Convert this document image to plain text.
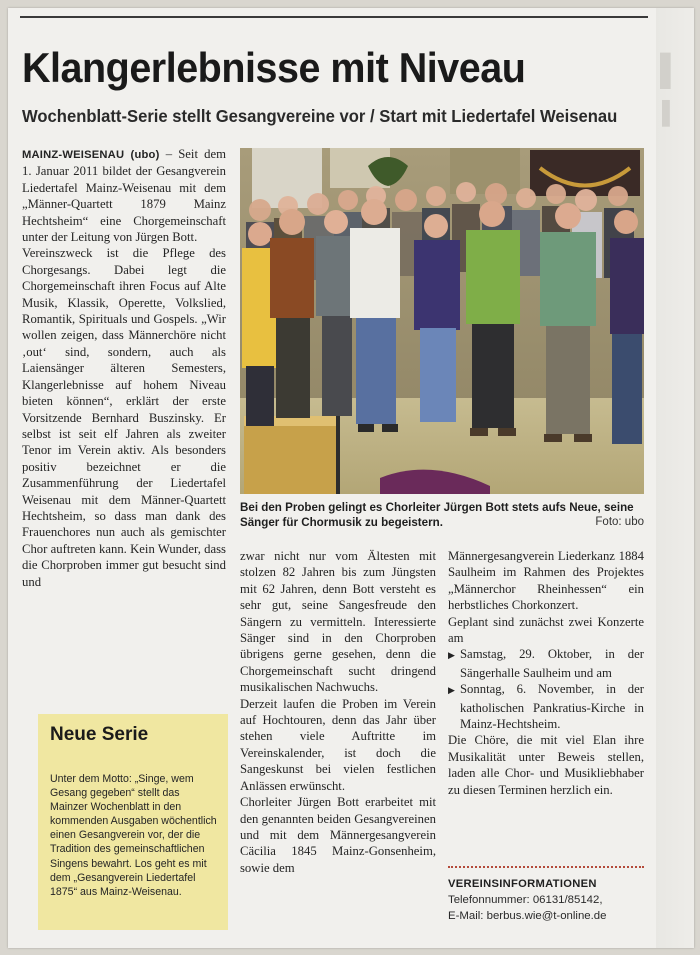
▌
▌
Klangerlebnisse mit Niveau
Wochenblatt-Serie stellt Gesangvereine vor / Start mit Liedertafel Weisenau

MAINZ-WEISENAU (ubo) – Seit dem 1. Januar 2011 bildet der Gesangverein Liedertafel Mainz-Weisenau mit dem „Männer-Quartett 1879 Mainz Hechtsheim“ eine Chorgemeinschaft unter der Leitung von Jürgen Bott.

Vereinszweck ist die Pflege des Chorgesangs. Dabei legt die Chorgemeinschaft ihren Focus auf Alte Musik, Klassik, Operette, Volkslied, Romantik, Spirituals und Gospels. „Wir wollen zeigen, dass Männerchöre nicht ‚out‘ sind, sondern, auch als Laiensänger älteren Semesters, Klangerlebnisse auf hohem Niveau bieten können“, erklärt der erste Vorsitzende Bernhard Buszinsky. Er selbst ist seit elf Jahren als zweiter Tenor im Verein aktiv. Als besonders positiv bezeichnet er die Zusammenführung der Liedertafel Weisenau mit dem Männer-Quartett Hechtsheim, so dass man dank des Frauenchores nun auch als gemischter Chor auftreten kann. Kein Wunder, dass die Chorproben immer gut besucht sind und

Bei den Proben gelingt es Chorleiter Jürgen Bott stets aufs Neue, seine Sänger für Chormusik zu begeistern.	Foto: ubo

zwar nicht nur vom Ältesten mit stolzen 82 Jahren bis zum Jüngsten mit 62 Jahren, denn Bott versteht es sehr gut, seine Sangesfreude den Sängern zu vermitteln. Interessierte Sänger sind in den Chorproben übrigens gerne gesehen, denn die Chorgemeinschaft sucht dringend musikalischen Nachwuchs.

Derzeit laufen die Proben im Verein auf Hochtouren, denn das Jahr über stehen viele Auftritte im Vereinskalender, ist doch die Sangeskunst bei vielen festlichen Anlässen erwünscht.

Chorleiter Jürgen Bott erarbeitet mit den genannten beiden Gesangvereinen und mit dem Männergesangverein Cäcilia 1845 Mainz-Gonsenheim, sowie dem

Männergesangverein Liederkanz 1884 Saulheim im Rahmen des Projektes „Männerchor Rheinhessen“ ein herbstliches Chorkonzert.

Geplant sind zunächst zwei Konzerte am

▶ Samstag, 29. Oktober, in der Sängerhalle Saulheim und am

▶ Sonntag, 6. November, in der katholischen Pankratius-Kirche in Mainz-Hechtsheim.

Die Chöre, die mit viel Elan ihre Musikalität unter Beweis stellen, laden alle Chor- und Musikliebhaber zu diesen Terminen herzlich ein.

Neue Serie

Unter dem Motto: „Singe, wem Gesang gegeben“ stellt das Mainzer Wochenblatt in den kommenden Ausgaben wöchentlich einen Gesangverein vor, der die Tradition des gemeinschaftlichen Singens bewahrt. Los geht es mit dem „Gesangverein Liedertafel 1875“ aus Mainz-Weisenau.

VEREINSINFORMATIONEN
Telefonnummer: 06131/85142,
E-Mail: berbus.wie@t-online.de
